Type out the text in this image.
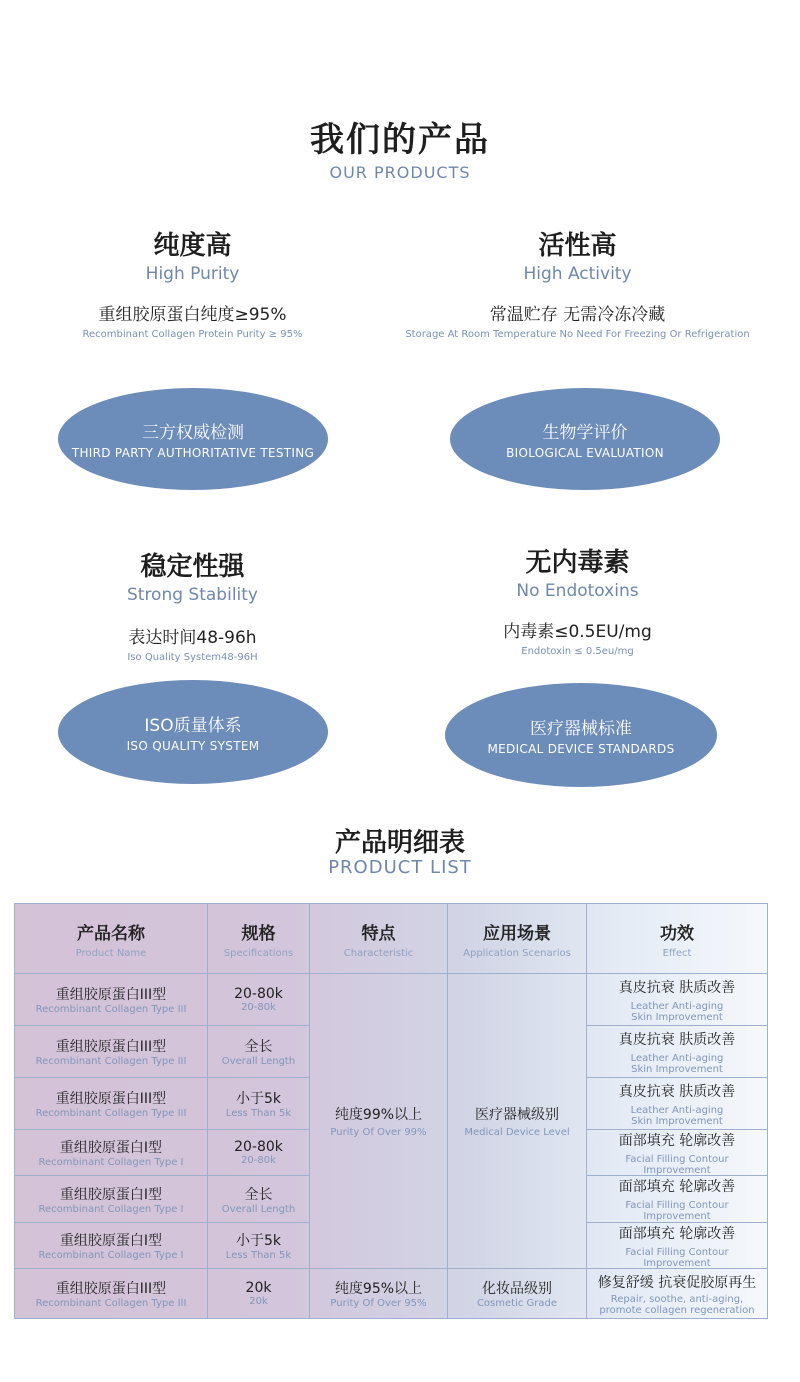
我们的产品
OUR PRODUCTS
纯度高
High Purity
重组胶原蛋白纯度≥95%
Recombinant Collagen Protein Purity ≥ 95%
活性高
High Activity
常温贮存 无需冷冻冷藏
Storage At Room Temperature No Need For Freezing Or Refrigeration
三方权威检测
THIRD PARTY AUTHORITATIVE TESTING
生物学评价
BIOLOGICAL EVALUATION
稳定性强
Strong Stability
表达时间48-96h
Iso Quality System48-96H
无内毒素
No Endotoxins
内毒素≤0.5EU/mg
Endotoxin ≤ 0.5eu/mg
ISO质量体系
ISO QUALITY SYSTEM
医疗器械标准
MEDICAL DEVICE STANDARDS
产品明细表
PRODUCT LIST
产品名称
Product Name
规格
Specifications
特点
Characteristic
应用场景
Application Scenarios
功效
Effect
重组胶原蛋白III型
Recombinant Collagen Type III
20-80k
20-80k
真皮抗衰 肤质改善
Leather Anti-aging
Skin Improvement
重组胶原蛋白III型
Recombinant Collagen Type III
全长
Overall Length
真皮抗衰 肤质改善
Leather Anti-aging
Skin Improvement
重组胶原蛋白III型
Recombinant Collagen Type III
小于5k
Less Than 5k
真皮抗衰 肤质改善
Leather Anti-aging
Skin Improvement
重组胶原蛋白I型
Recombinant Collagen Type I
20-80k
20-80k
面部填充 轮廓改善
Facial Filling Contour
Improvement
重组胶原蛋白I型
Recombinant Collagen Type I
全长
Overall Length
面部填充 轮廓改善
Facial Filling Contour
Improvement
重组胶原蛋白I型
Recombinant Collagen Type I
小于5k
Less Than 5k
面部填充 轮廓改善
Facial Filling Contour
Improvement
纯度99%以上
Purity Of Over 99%
医疗器械级别
Medical Device Level
重组胶原蛋白III型
Recombinant Collagen Type III
20k
20k
纯度95%以上
Purity Of Over 95%
化妆品级别
Cosmetic Grade
修复舒缓 抗衰促胶原再生
Repair, soothe, anti-aging,
promote collagen regeneration
